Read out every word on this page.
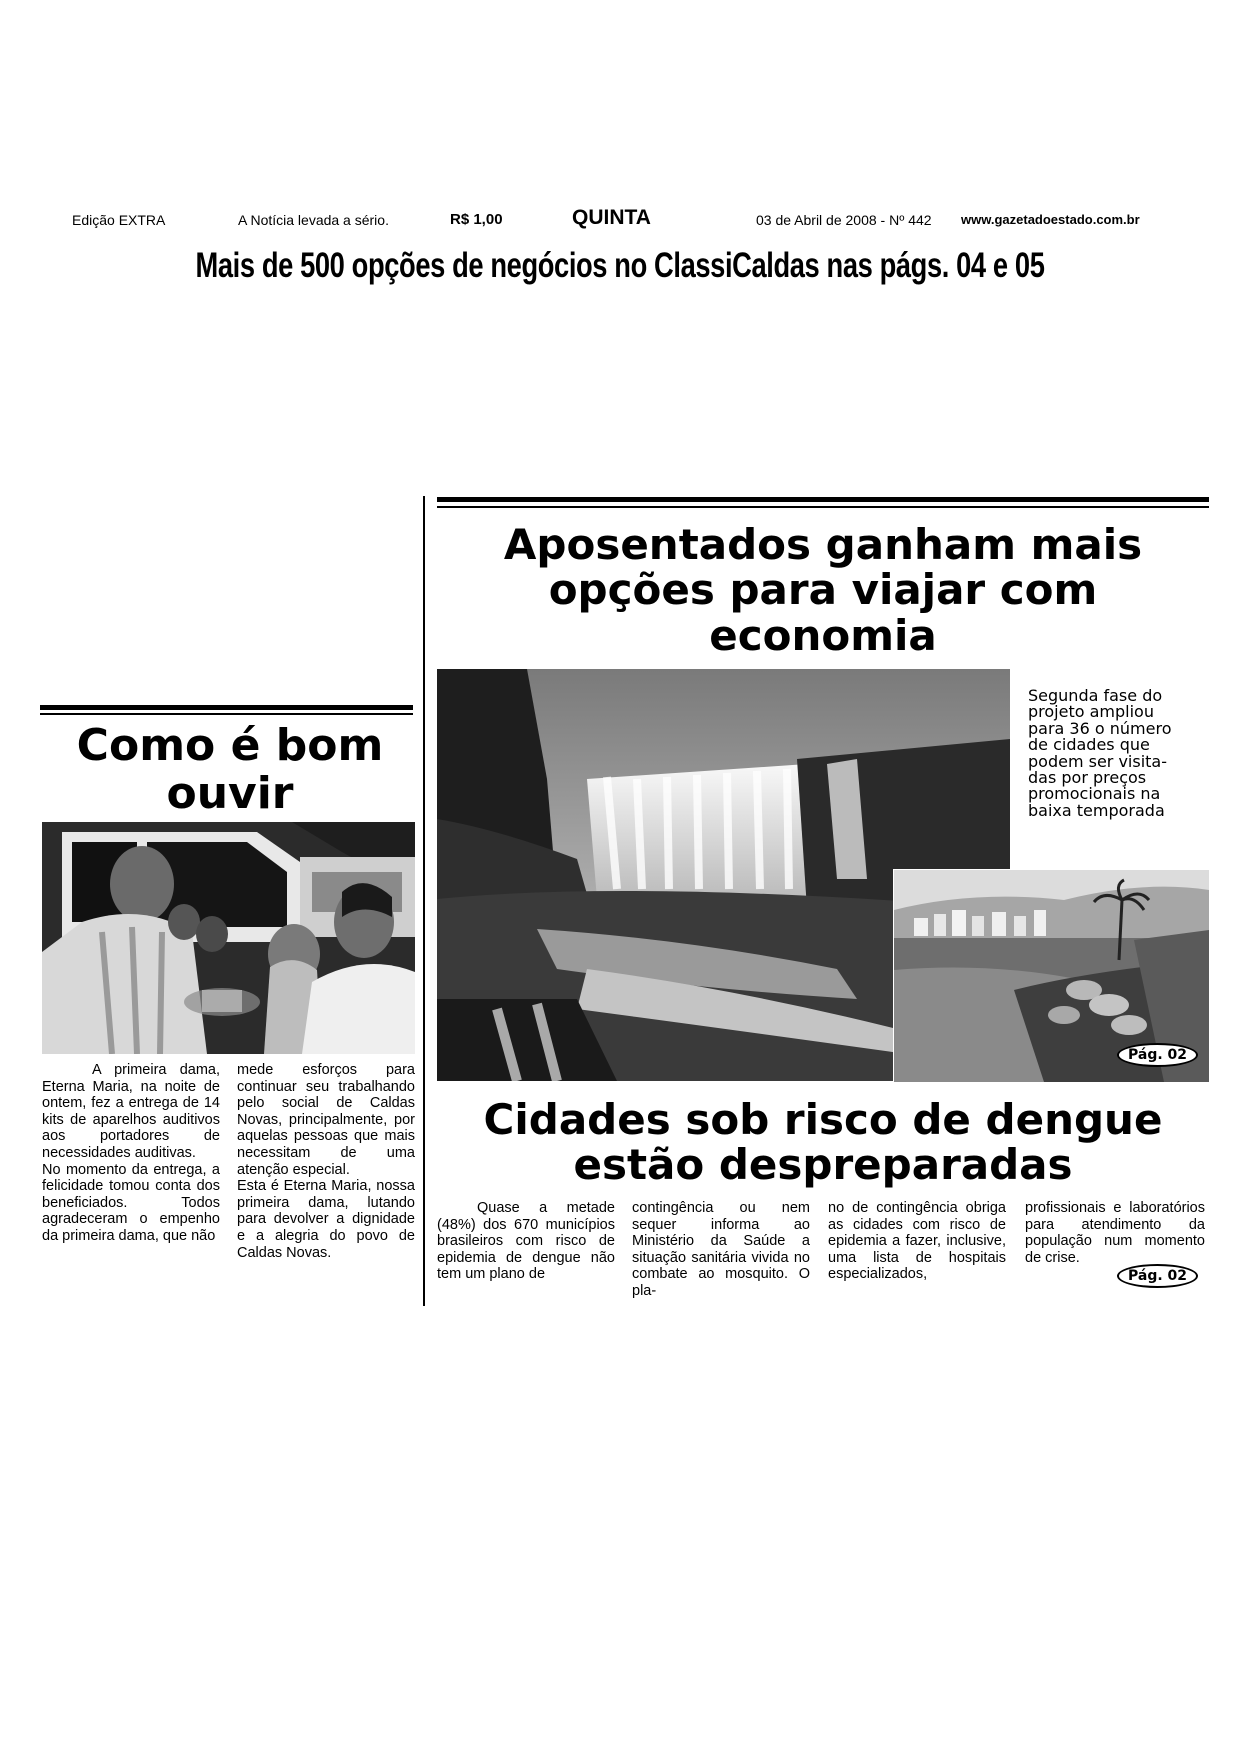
Edição EXTRA	A Notícia levada a sério.	R$ 1,00	QUINTA	03 de Abril de 2008 - Nº 442 www.gazetadoestado.com.br
Mais de 500 opções de negócios no ClassiCaldas nas págs. 04 e 05
Como é bom ouvir
A primeira dama, Eterna Maria, na noite de ontem, fez a entrega de 14 kits de aparelhos auditivos aos portadores de necessidades auditivas.
No momento da entrega, a felicidade tomou conta dos beneficiados. Todos agradeceram o empenho da primeira dama, que não
mede esforços para continuar seu trabalhando pelo social de Caldas Novas, principalmente, por aquelas pessoas que mais necessitam de uma atenção especial.
Esta é Eterna Maria, nossa primeira dama, lutando para devolver a dignidade e a alegria do povo de Caldas Novas.
Aposentados ganham mais opções para viajar com economia
Segunda fase do
projeto ampliou
para 36 o número
de cidades que
podem ser visita-
das por preços
promocionais na
baixa temporada
Pág. 02
Cidades sob risco de dengue estão despreparadas
Quase a metade (48%) dos 670 municípios brasileiros com risco de epidemia de dengue não tem um plano de
contingência ou nem sequer informa ao Ministério da Saúde a situação sanitária vivida no combate ao mosquito. O pla-
no de contingência obriga as cidades com risco de epidemia a fazer, inclusive, uma lista de hospitais especializados,
profissionais e laboratórios para atendimento da população num momento de crise.
Pág. 02
